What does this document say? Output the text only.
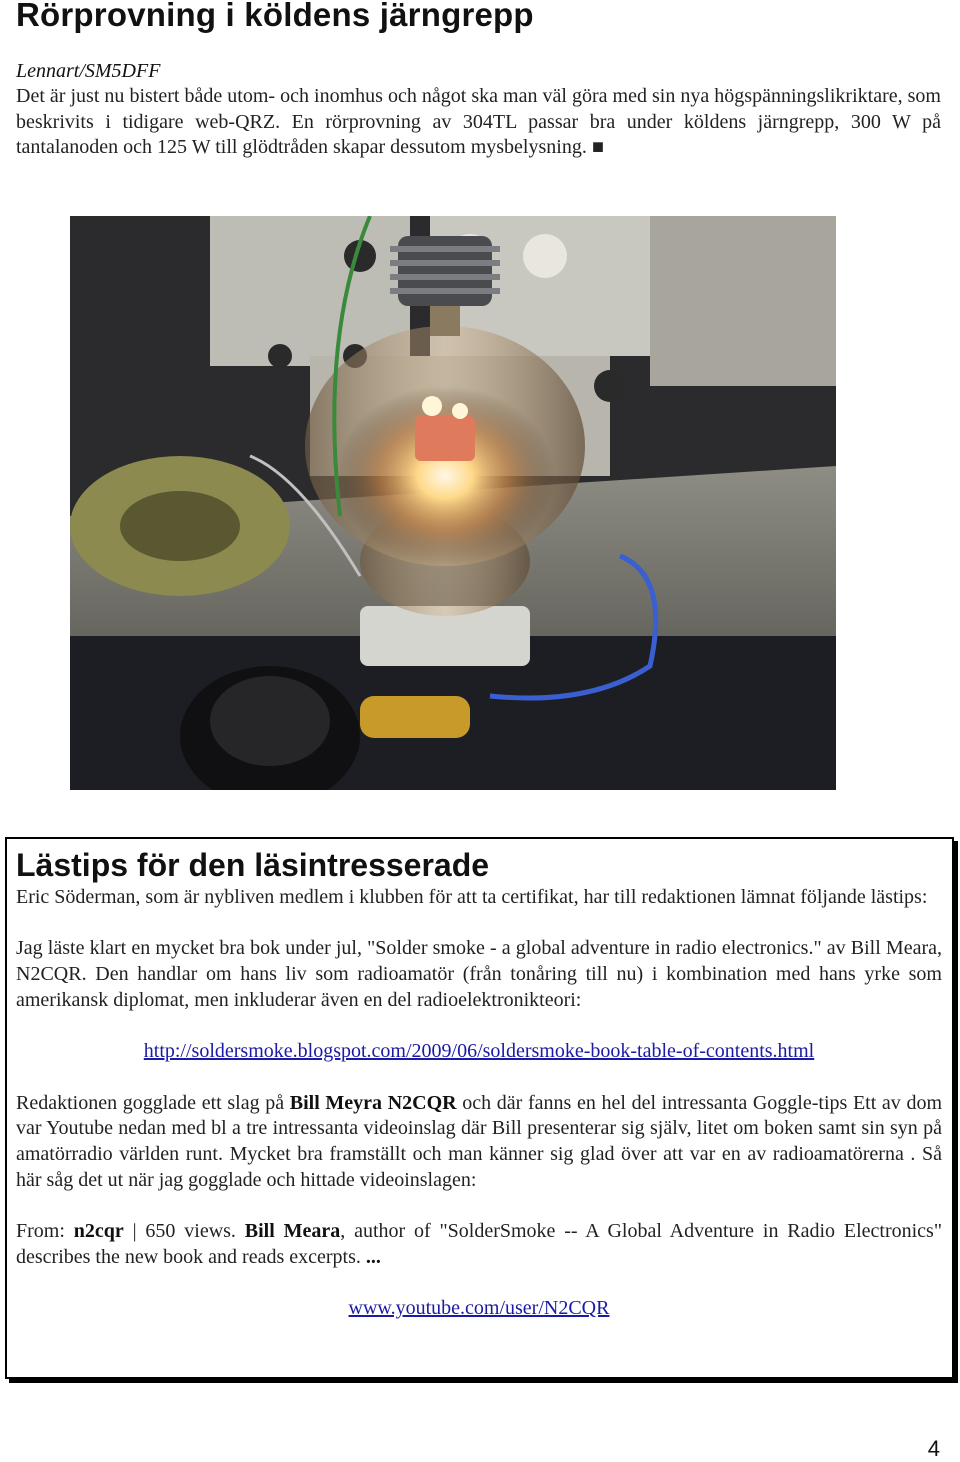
Rörprovning i köldens järngrepp

Lennart/SM5DFF

Det är just nu bistert både utom- och inomhus och något ska man väl göra med sin nya högspänningslikriktare, som beskrivits i tidigare web-QRZ. En rörprovning av 304TL passar bra under köldens järngrepp, 300 W på tantalanoden och 125 W till glödtråden skapar dessutom mysbelysning. ■

Lästips för den läsintresserade

Eric Söderman, som är nybliven medlem i klubben för att ta certifikat, har till redaktionen lämnat följande lästips:

Jag läste klart en mycket bra bok under jul, "Solder smoke - a global adventure in radio electronics." av Bill Meara, N2CQR. Den handlar om hans liv som radioamatör (från tonåring till nu) i kombination med hans yrke som amerikansk diplomat, men inkluderar även en del radioelektronikteori:

http://soldersmoke.blogspot.com/2009/06/soldersmoke-book-table-of-contents.html

Redaktionen gogglade ett slag på Bill Meyra N2CQR och där fanns en hel del intressanta Goggle-tips Ett av dom var Youtube nedan med bl a tre intressanta videoinslag där Bill presenterar sig själv, litet om boken samt sin syn på amatörradio världen runt. Mycket bra framställt och man känner sig glad över att var en av radioamatörerna . Så här såg det ut när jag gogglade och hittade videoinslagen:

From: n2cqr | 650 views. Bill Meara, author of "SolderSmoke -- A Global Adventure in Radio Electronics" describes the new book and reads excerpts. ...

www.youtube.com/user/N2CQR

4
